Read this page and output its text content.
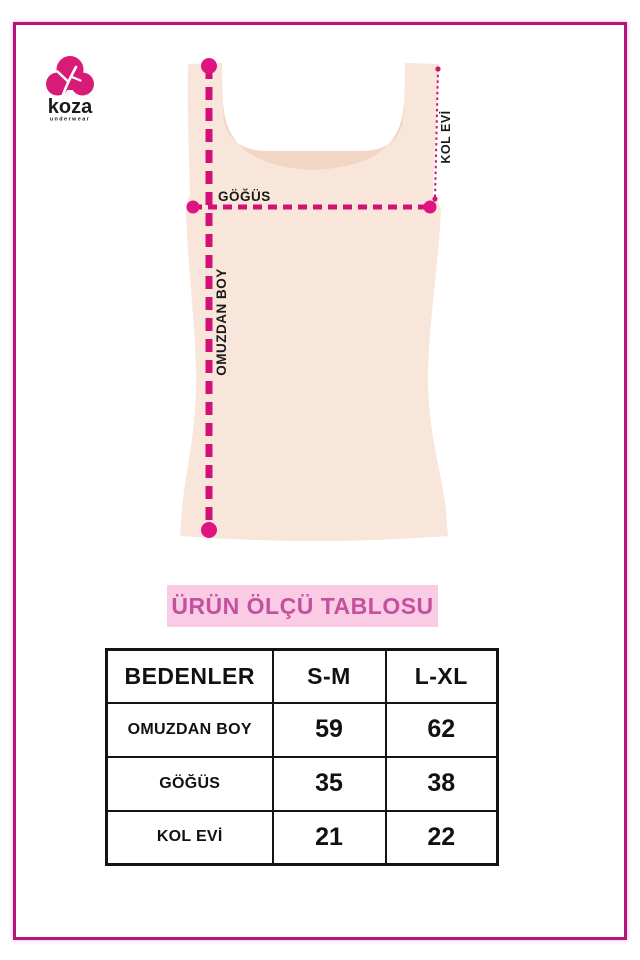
koza
underwear	KOL EVİ
GÖĞÜS
OMUZDAN BOY
ÜRÜN ÖLÇÜ TABLOSU
BEDENLER	S-M	L-XL
OMUZDAN BOY	59	62
GÖĞÜS	35	38
KOL EVİ	21	22
